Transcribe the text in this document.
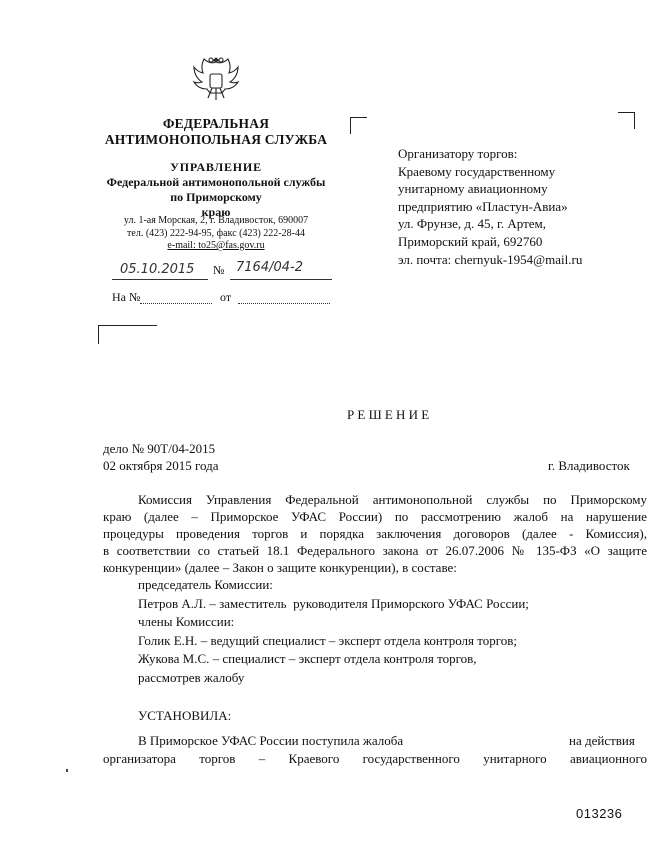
ФЕДЕРАЛЬНАЯ
АНТИМОНОПОЛЬНАЯ СЛУЖБА
УПРАВЛЕНИЕ
Федеральной антимонопольной службы
по Приморскому
краю
ул. 1-ая Морская, 2, г. Владивосток, 690007
тел. (423) 222-94-95, факс (423) 222-28-44
e-mail: to25@fas.gov.ru
05.10.2015 № 7164/04-2
На №	от
Организатору торгов:
Краевому государственному
унитарному авиационному
предприятию «Пластун-Авиа»
ул. Фрунзе, д. 45, г. Артем,
Приморский край, 692760
эл. почта: chernyuk-1954@mail.ru
РЕШЕНИЕ
дело № 90Т/04-2015
02 октября 2015 года	г. Владивосток
Комиссия Управления Федеральной антимонопольной службы по Приморскому
краю (далее – Приморское УФАС России) по рассмотрению жалоб на нарушение
процедуры проведения торгов и порядка заключения договоров (далее - Комиссия),
в соответствии со статьей 18.1 Федерального закона от 26.07.2006 № 135-ФЗ «О защите
конкуренции» (далее – Закон о защите конкуренции), в составе:
председатель Комиссии:
Петров А.Л. – заместитель  руководителя Приморского УФАС России;
члены Комиссии:
Голик Е.Н. – ведущий специалист – эксперт отдела контроля торгов;
Жукова М.С. – специалист – эксперт отдела контроля торгов,
рассмотрев жалобу
УСТАНОВИЛА:
В Приморское УФАС России поступила жалоба	на действия
организатора торгов – Краевого государственного унитарного авиационного
013236
